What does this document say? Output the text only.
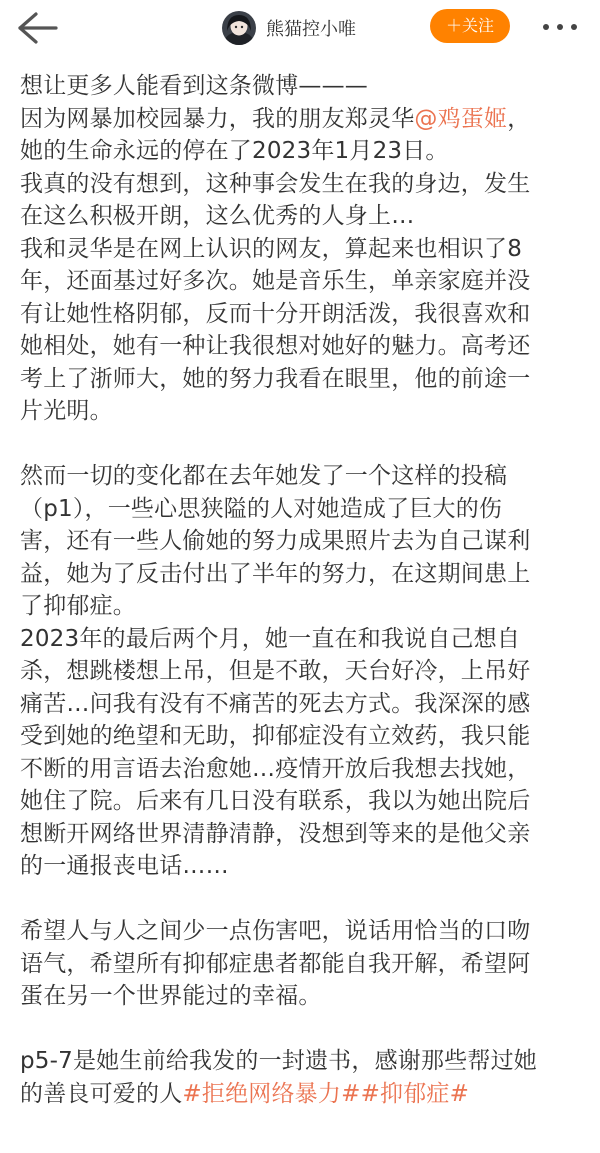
熊猫控小唯	＋关注
想让更多人能看到这条微博———
因为网暴加校园暴力，我的朋友郑灵华@鸡蛋姬，
她的生命永远的停在了2023年1月23日。
我真的没有想到，这种事会发生在我的身边，发生
在这么积极开朗，这么优秀的人身上…
我和灵华是在网上认识的网友，算起来也相识了8
年，还面基过好多次。她是音乐生，单亲家庭并没
有让她性格阴郁，反而十分开朗活泼，我很喜欢和
她相处，她有一种让我很想对她好的魅力。高考还
考上了浙师大，她的努力我看在眼里，他的前途一
片光明。
然而一切的变化都在去年她发了一个这样的投稿
（p1），一些心思狭隘的人对她造成了巨大的伤
害，还有一些人偷她的努力成果照片去为自己谋利
益，她为了反击付出了半年的努力，在这期间患上
了抑郁症。
2023年的最后两个月，她一直在和我说自己想自
杀，想跳楼想上吊，但是不敢，天台好冷，上吊好
痛苦…问我有没有不痛苦的死去方式。我深深的感
受到她的绝望和无助，抑郁症没有立效药，我只能
不断的用言语去治愈她…疫情开放后我想去找她，
她住了院。后来有几日没有联系，我以为她出院后
想断开网络世界清静清静，没想到等来的是他父亲
的一通报丧电话……
希望人与人之间少一点伤害吧，说话用恰当的口吻
语气，希望所有抑郁症患者都能自我开解，希望阿
蛋在另一个世界能过的幸福。
p5-7是她生前给我发的一封遗书，感谢那些帮过她
的善良可爱的人#拒绝网络暴力##抑郁症#
